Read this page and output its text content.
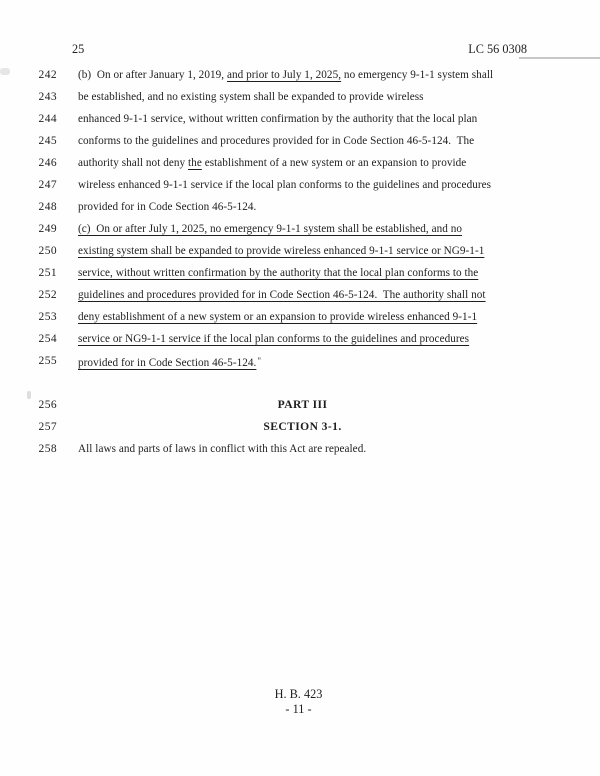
25	LC 56 0308
242 (b)  On or after January 1, 2019, and prior to July 1, 2025, no emergency 9-1-1 system shall
243 be established, and no existing system shall be expanded to provide wireless
244 enhanced 9-1-1 service, without written confirmation by the authority that the local plan
245 conforms to the guidelines and procedures provided for in Code Section 46-5-124.  The
246 authority shall not deny the establishment of a new system or an expansion to provide
247 wireless enhanced 9-1-1 service if the local plan conforms to the guidelines and procedures
248 provided for in Code Section 46-5-124.
249 (c)  On or after July 1, 2025, no emergency 9-1-1 system shall be established, and no
250 existing system shall be expanded to provide wireless enhanced 9-1-1 service or NG9-1-1
251 service, without written confirmation by the authority that the local plan conforms to the
252 guidelines and procedures provided for in Code Section 46-5-124.  The authority shall not
253 deny establishment of a new system or an expansion to provide wireless enhanced 9-1-1
254 service or NG9-1-1 service if the local plan conforms to the guidelines and procedures
255 provided for in Code Section 46-5-124."
256	PART III
257	SECTION 3-1.
258 All laws and parts of laws in conflict with this Act are repealed.
H. B. 423
- 11 -
